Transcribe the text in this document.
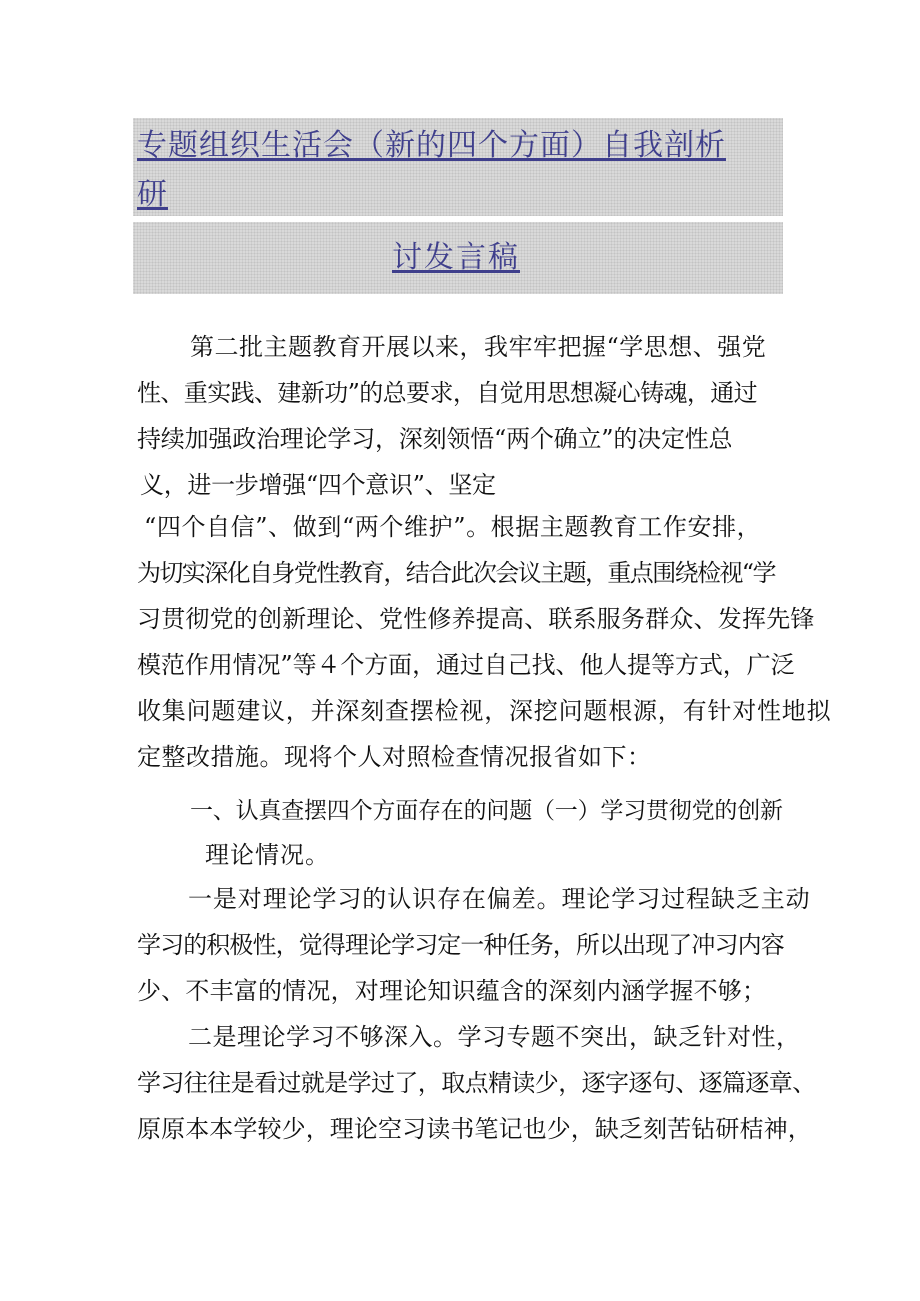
专题组织生活会（新的四个方面）自我剖析
研
讨发言稿
第二批主题教育开展以来，我牢牢把握“学思想、强党
性、重实践、建新功”的总要求，自觉用思想凝心铸魂，通过
持续加强政治理论学习，深刻领悟“两个确立”的决定性总
义，进一步增强“四个意识”、坚定
“四个自信”、做到“两个维护”。根据主题教育工作安排，
为切实深化自身党性教育，结合此次会议主题，重点围绕检视“学
习贯彻党的创新理论、党性修养提高、联系服务群众、发挥先锋
模范作用情况”等４个方面，通过自己找、他人提等方式，广泛
收集问题建议，并深刻查摆检视，深挖问题根源，有针对性地拟
定整改措施。现将个人对照检查情况报省如下：
一、认真查摆四个方面存在的问题（一）学习贯彻党的创新
理论情况。
一是对理论学习的认识存在偏差。理论学习过程缺乏主动
学习的积极性，觉得理论学习定一种任务，所以出现了冲习内容
少、不丰富的情况，对理论知识蕴含的深刻内涵学握不够；
二是理论学习不够深入。学习专题不突出，缺乏针对性，
学习往往是看过就是学过了，取点精读少，逐字逐句、逐篇逐章、
原原本本学较少，理论空习读书笔记也少，缺乏刻苦钻研桔神，
